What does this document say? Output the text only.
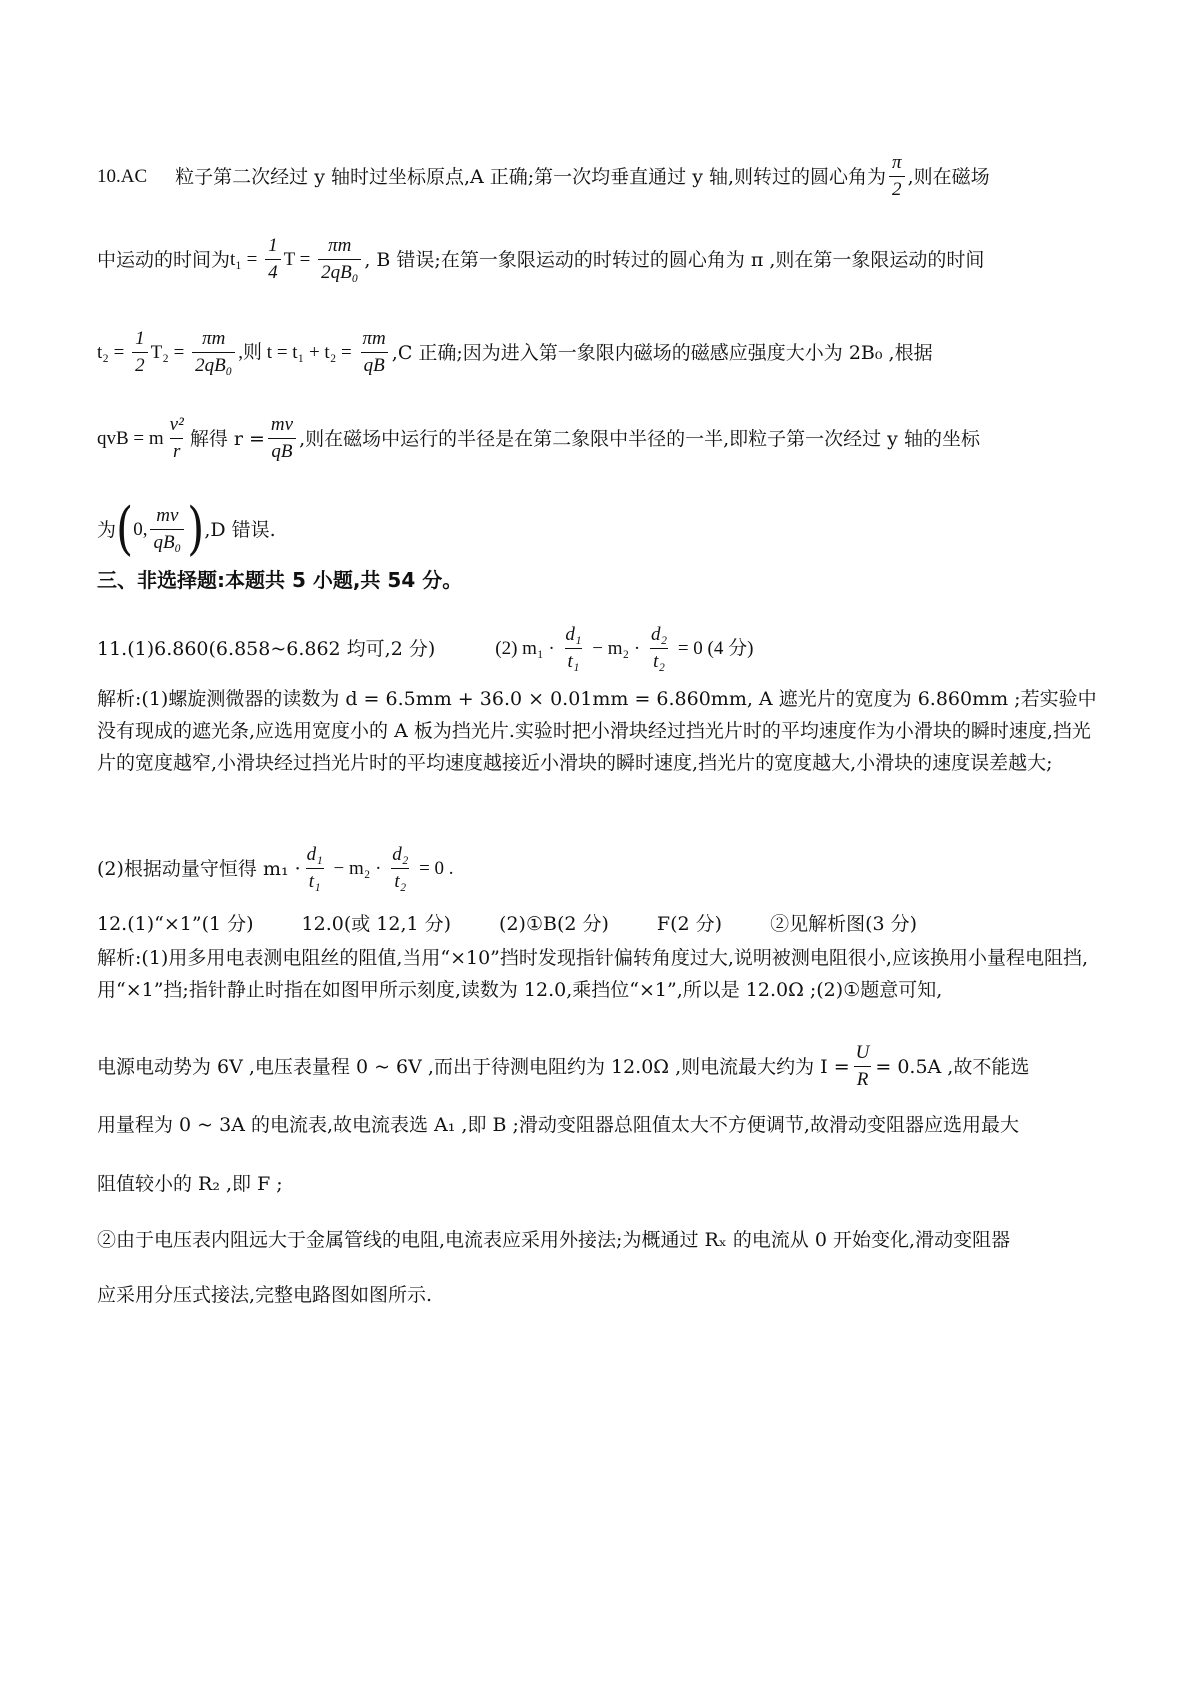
10.AC 粒子第二次经过 y 轴时过坐标原点,A 正确;第一次均垂直通过 y 轴,则转过的圆心角为 $\frac{\pi}{2}$ ,则在磁场
中运动的时间为 $t_1 = \frac{1}{4}$ $T = \frac{\pi m}{\text{2qB₀}}$ , B 错误;在第一象限运动的时转过的圆心角为 π ,则在第一象限运动的时间
$t_2 = \frac{1}{2} T_2 = \frac{\pi m}{\text{2qB₀}}$ ,则 $t = t_1 + t_2 = \frac{\pi m}{qB} ,C$ 正确;因为进入第一象限内磁场的磁感应强度大小为 2B₀ ,根据
qvB = m $\frac{\text{v²}}{r}$ 解得 $r = \frac{mv}{qB}$ ,则在磁场中运行的半径是在第二象限中半径的一半,即粒子第一次经过 y 轴的坐标
为 ( 0, $\frac{mv}{\text{qB₀}}$ ) ,D 错误.
三、非选择题:本题共 5 小题,共 54 分。
11.(1)6.860(6.858~6.862 均可,2 分)	(2) $m_1 \cdot \frac{\text{d₁}}{\text{t₁}} - m_2 \cdot \frac{\text{d₂}}{\text{t₂}} = 0$ (4 分)
解析:(1)螺旋测微器的读数为 d = 6.5mm + 36.0 × 0.01mm = 6.860mm, A 遮光片的宽度为 6.860mm ;若实验中没有现成的遮光条,应选用宽度小的 A 板为挡光片.实验时把小滑块经过挡光片时的平均速度作为小滑块的瞬时速度,挡光片的宽度越窄,小滑块经过挡光片时的平均速度越接近小滑块的瞬时速度,挡光片的宽度越大,小滑块的速度误差越大;
(2)根据动量守恒得 $m_1 \cdot \frac{\text{d₁}}{\text{t₁}} - m_2 \cdot \frac{\text{d₂}}{\text{t₂}} = 0$ .
12.(1)“×1”(1 分)	12.0(或 12,1 分)	(2)①B(2 分)	F(2 分)	②见解析图(3 分)
解析:(1)用多用电表测电阻丝的阻值,当用“×10”挡时发现指针偏转角度过大,说明被测电阻很小,应该换用小量程电阻挡,用“×1”挡;指针静止时指在如图甲所示刻度,读数为 12.0,乘挡位“×1”,所以是 12.0Ω ;(2)①题意可知,
电源电动势为 6V ,电压表量程 0 ~ 6V ,而出于待测电阻约为 12.0Ω ,则电流最大约为 $I = \frac{U}{R} = 0.5A$ ,故不能选
用量程为 0 ~ 3A 的电流表,故电流表选 A₁ ,即 B ;滑动变阻器总阻值太大不方便调节,故滑动变阻器应选用最大
阻值较小的 R₂ ,即 F ;
②由于电压表内阻远大于金属管线的电阻,电流表应采用外接法;为概通过 Rₓ 的电流从 0 开始变化,滑动变阻器
应采用分压式接法,完整电路图如图所示.
